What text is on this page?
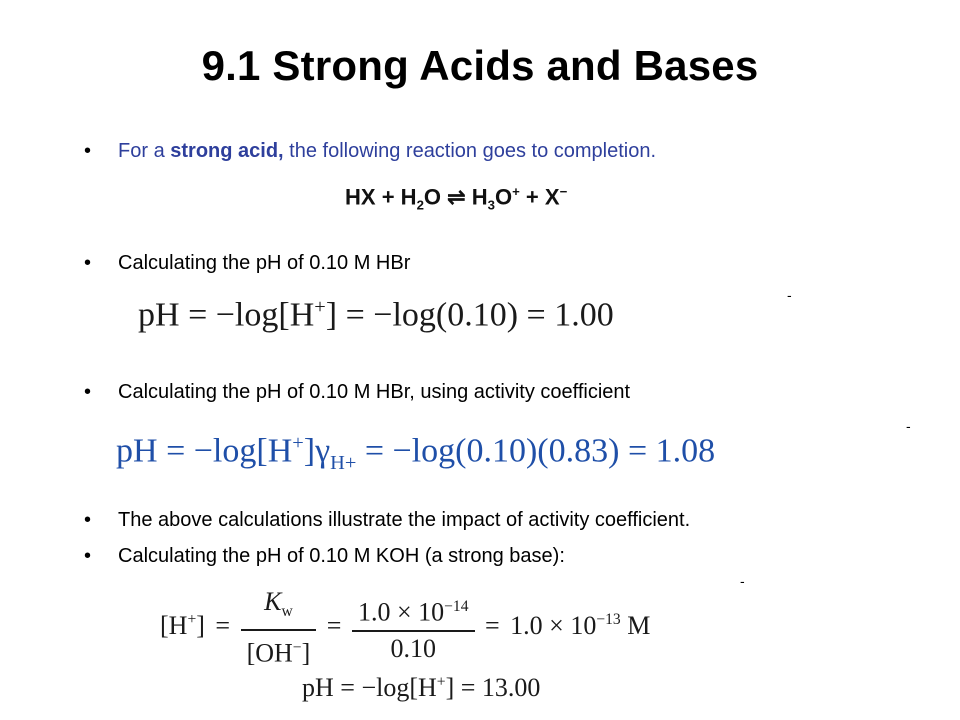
9.1 Strong Acids and Bases
• For a strong acid, the following reaction goes to completion.
HX + $H_2O$ ⇌ $H_3O^+ + X^-$
• Calculating the pH of 0.10 M HBr
pH = −log[H+] = −log(0.10) = 1.00
-
• Calculating the pH of 0.10 M HBr, using activity coefficient
pH = $-\log[H^+]\gamma_{H+} = -\log(0.10)(0.83) = 1.08$
-
• The above calculations illustrate the impact of activity coefficient.
• Calculating the pH of 0.10 M KOH (a strong base):
-
$[H^+] = \frac{K_w}{[OH^-]} = \frac{1.0 \times 10^{-14}}{0.10} = 1.0 \times 10^{-13}$ M
pH = −log[H+] = 13.00
